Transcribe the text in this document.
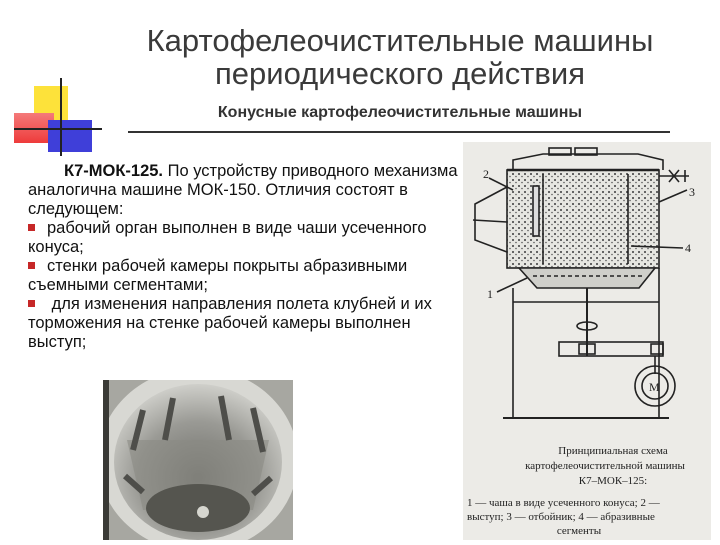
Картофелеочистительные машины
периодического действия
Конусные картофелеочистительные машины

К7-МОК-125. По устройству приводного механизма аналогична машине МОК-150. Отличия состоят в следующем:

рабочий орган выполнен в виде чаши усеченного конуса;

стенки рабочей камеры покрыты абразивными съемными сегментами;

для изменения направления полета клубней и их торможения на стенке рабочей камеры выполнен выступ;

2
3
4
1
М
Принципиальная схема
картофелеочистительной машины
К7–МОК–125:
1 — чаша в виде усеченного конуса; 2 —
выступ; 3 — отбойник; 4 — абразивные
сегменты
